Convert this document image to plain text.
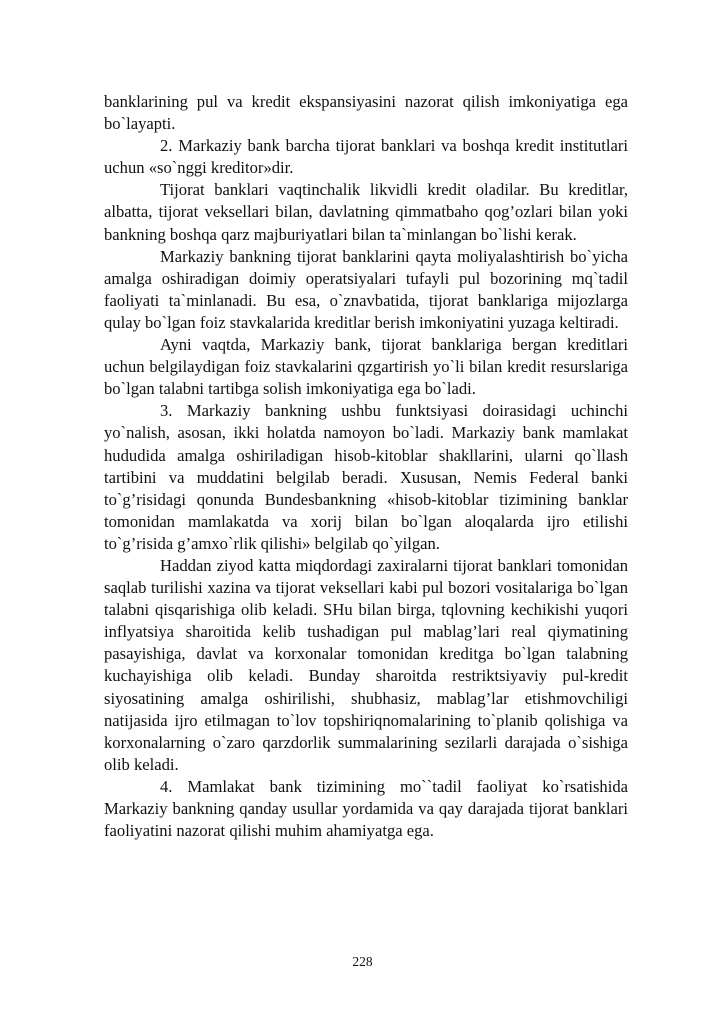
banklarining pul va kredit ekspansiyasini nazorat qilish imkoniyatiga ega bo`layapti.

2. Markaziy bank barcha tijorat banklari va boshqa kredit institutlari uchun «so`nggi kreditor»dir.

Tijorat banklari vaqtinchalik likvidli kredit oladilar. Bu kreditlar, albatta, tijorat veksellari bilan, davlatning qimmatbaho qog’ozlari bilan yoki bankning boshqa qarz majburiyatlari bilan ta`minlangan bo`lishi kerak.

Markaziy bankning tijorat banklarini qayta moliyalashtirish bo`yicha amalga oshiradigan doimiy operatsiyalari tufayli pul bozorining mq`tadil faoliyati ta`minlanadi. Bu esa, o`znavbatida, tijorat banklariga mijozlarga qulay bo`lgan foiz stavkalarida kreditlar berish imkoniyatini yuzaga keltiradi.

Ayni vaqtda, Markaziy bank, tijorat banklariga bergan kreditlari uchun belgilaydigan foiz stavkalarini qzgartirish yo`li bilan kredit resurslariga bo`lgan talabni tartibga solish imkoniyatiga ega bo`ladi.

3. Markaziy bankning ushbu funktsiyasi doirasidagi uchinchi yo`nalish, asosan, ikki holatda namoyon bo`ladi. Markaziy bank mamlakat hududida amalga oshiriladigan hisob-kitoblar shakllarini, ularni qo`llash tartibini va muddatini belgilab beradi. Xususan, Nemis Federal banki to`g’risidagi qonunda Bundesbankning «hisob-kitoblar tizimining banklar tomonidan mamlakatda va xorij bilan bo`lgan aloqalarda ijro etilishi to`g’risida g’amxo`rlik qilishi» belgilab qo`yilgan.

Haddan ziyod katta miqdordagi zaxiralarni tijorat banklari tomonidan saqlab turilishi xazina va tijorat veksellari kabi pul bozori vositalariga bo`lgan talabni qisqarishiga olib keladi. SHu bilan birga, tqlovning kechikishi yuqori inflyatsiya sharoitida kelib tushadigan pul mablag’lari real qiymatining pasayishiga, davlat va korxonalar tomonidan kreditga bo`lgan talabning kuchayishiga olib keladi. Bunday sharoitda restriktsiyaviy pul-kredit siyosatining amalga oshirilishi, shubhasiz, mablag’lar etishmovchiligi natijasida ijro etilmagan to`lov topshiriqnomalarining to`planib qolishiga va korxonalarning o`zaro qarzdorlik summalarining sezilarli darajada o`sishiga olib keladi.

4. Mamlakat bank tizimining mo``tadil faoliyat ko`rsatishida Markaziy bankning qanday usullar yordamida va qay darajada tijorat banklari faoliyatini nazorat qilishi muhim ahamiyatga ega.

228
